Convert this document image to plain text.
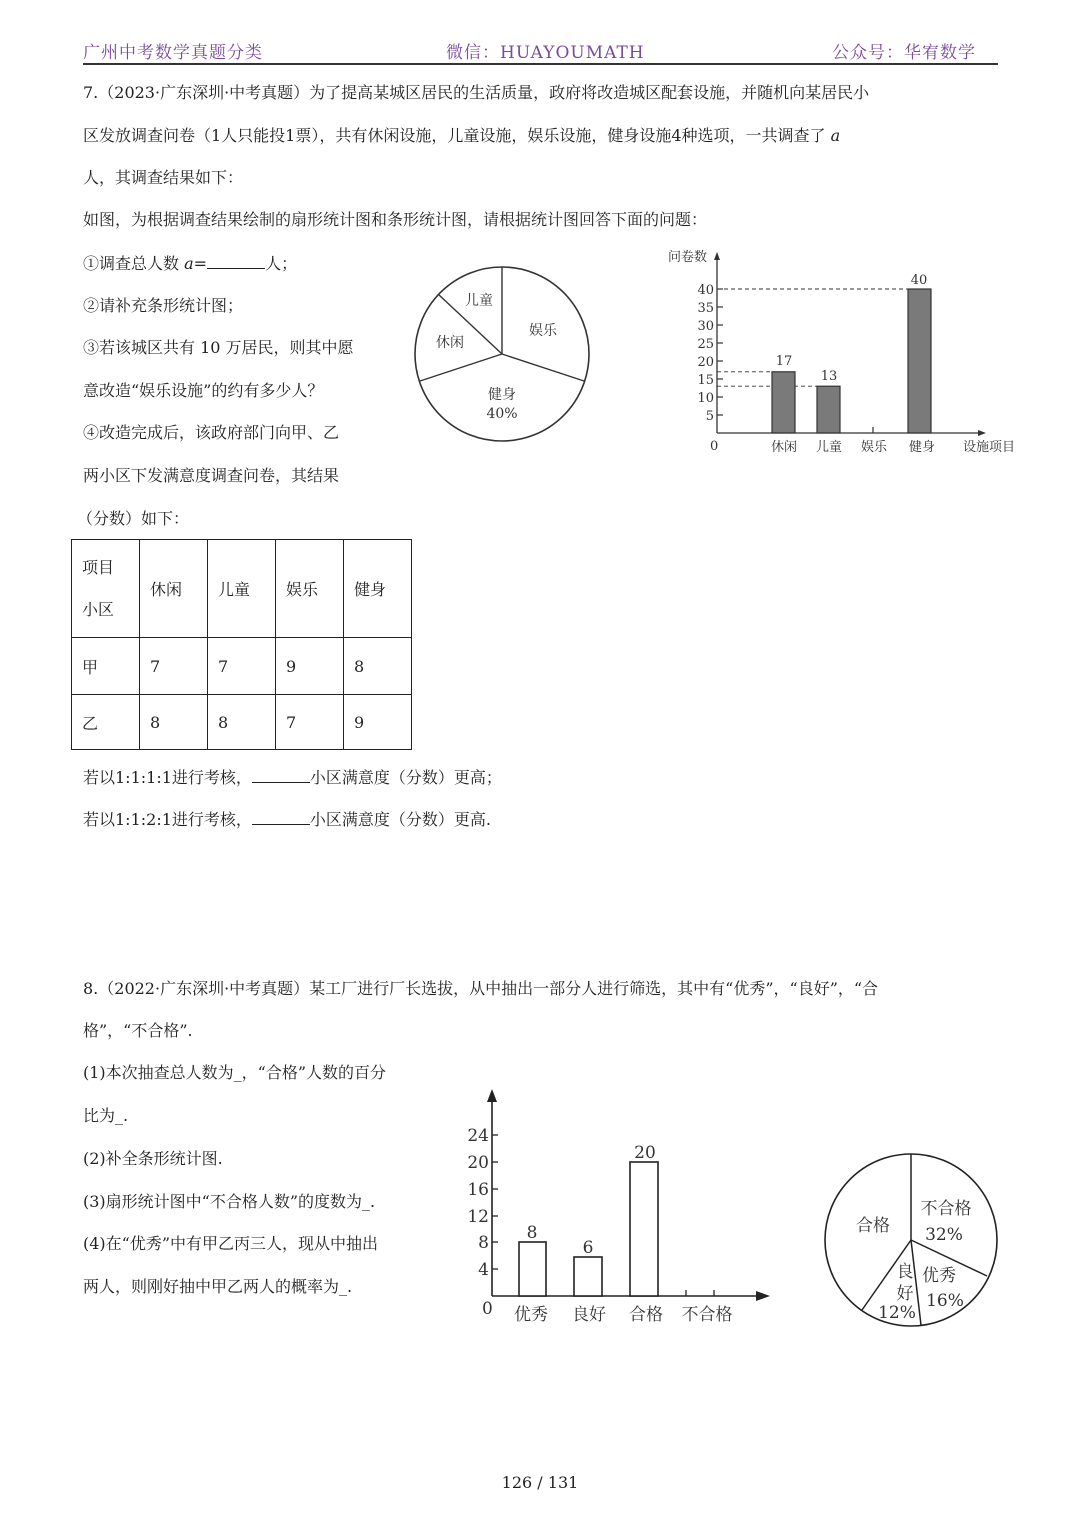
广州中考数学真题分类	微信：HUAYOUMATH	公众号：华宥数学
7.（2023·广东深圳·中考真题）为了提高某城区居民的生活质量，政府将改造城区配套设施，并随机向某居民小
区发放调查问卷（1人只能投1票），共有休闲设施，儿童设施，娱乐设施，健身设施4种选项，一共调查了 a
人，其调查结果如下：
如图，为根据调查结果绘制的扇形统计图和条形统计图，请根据统计图回答下面的问题：
①调查总人数 a=	人；
②请补充条形统计图；
③若该城区共有 10 万居民，则其中愿
意改造“娱乐设施”的约有多少人？
④改造完成后，该政府部门向甲、乙
两小区下发满意度调查问卷，其结果
（分数）如下：
娱乐
健身
40%
休闲
儿童
问卷数
0
5
10
15
20
25
30
35
40
17
13
40
休闲 儿童 娱乐 健身 设施项目
项目
小区	休闲	儿童	娱乐	健身
甲	7	7	9	8
乙	8	8	7	9
若以1:1:1:1进行考核，	小区满意度（分数）更高；
若以1:1:2:1进行考核，	小区满意度（分数）更高.
8.（2022·广东深圳·中考真题）某工厂进行厂长选拔，从中抽出一部分人进行筛选，其中有“优秀”，“良好”，“合
格”，“不合格”.
(1)本次抽查总人数为_，“合格”人数的百分
比为_.
(2)补全条形统计图.
(3)扇形统计图中“不合格人数”的度数为_.
(4)在“优秀”中有甲乙丙三人，现从中抽出
两人，则刚好抽中甲乙两人的概率为_.
0
4
8
12
16
20
24
8
6
20
优秀 良好 合格 不合格
不合格
32%
优秀
16%
良
好
12%
合格
126 / 131
